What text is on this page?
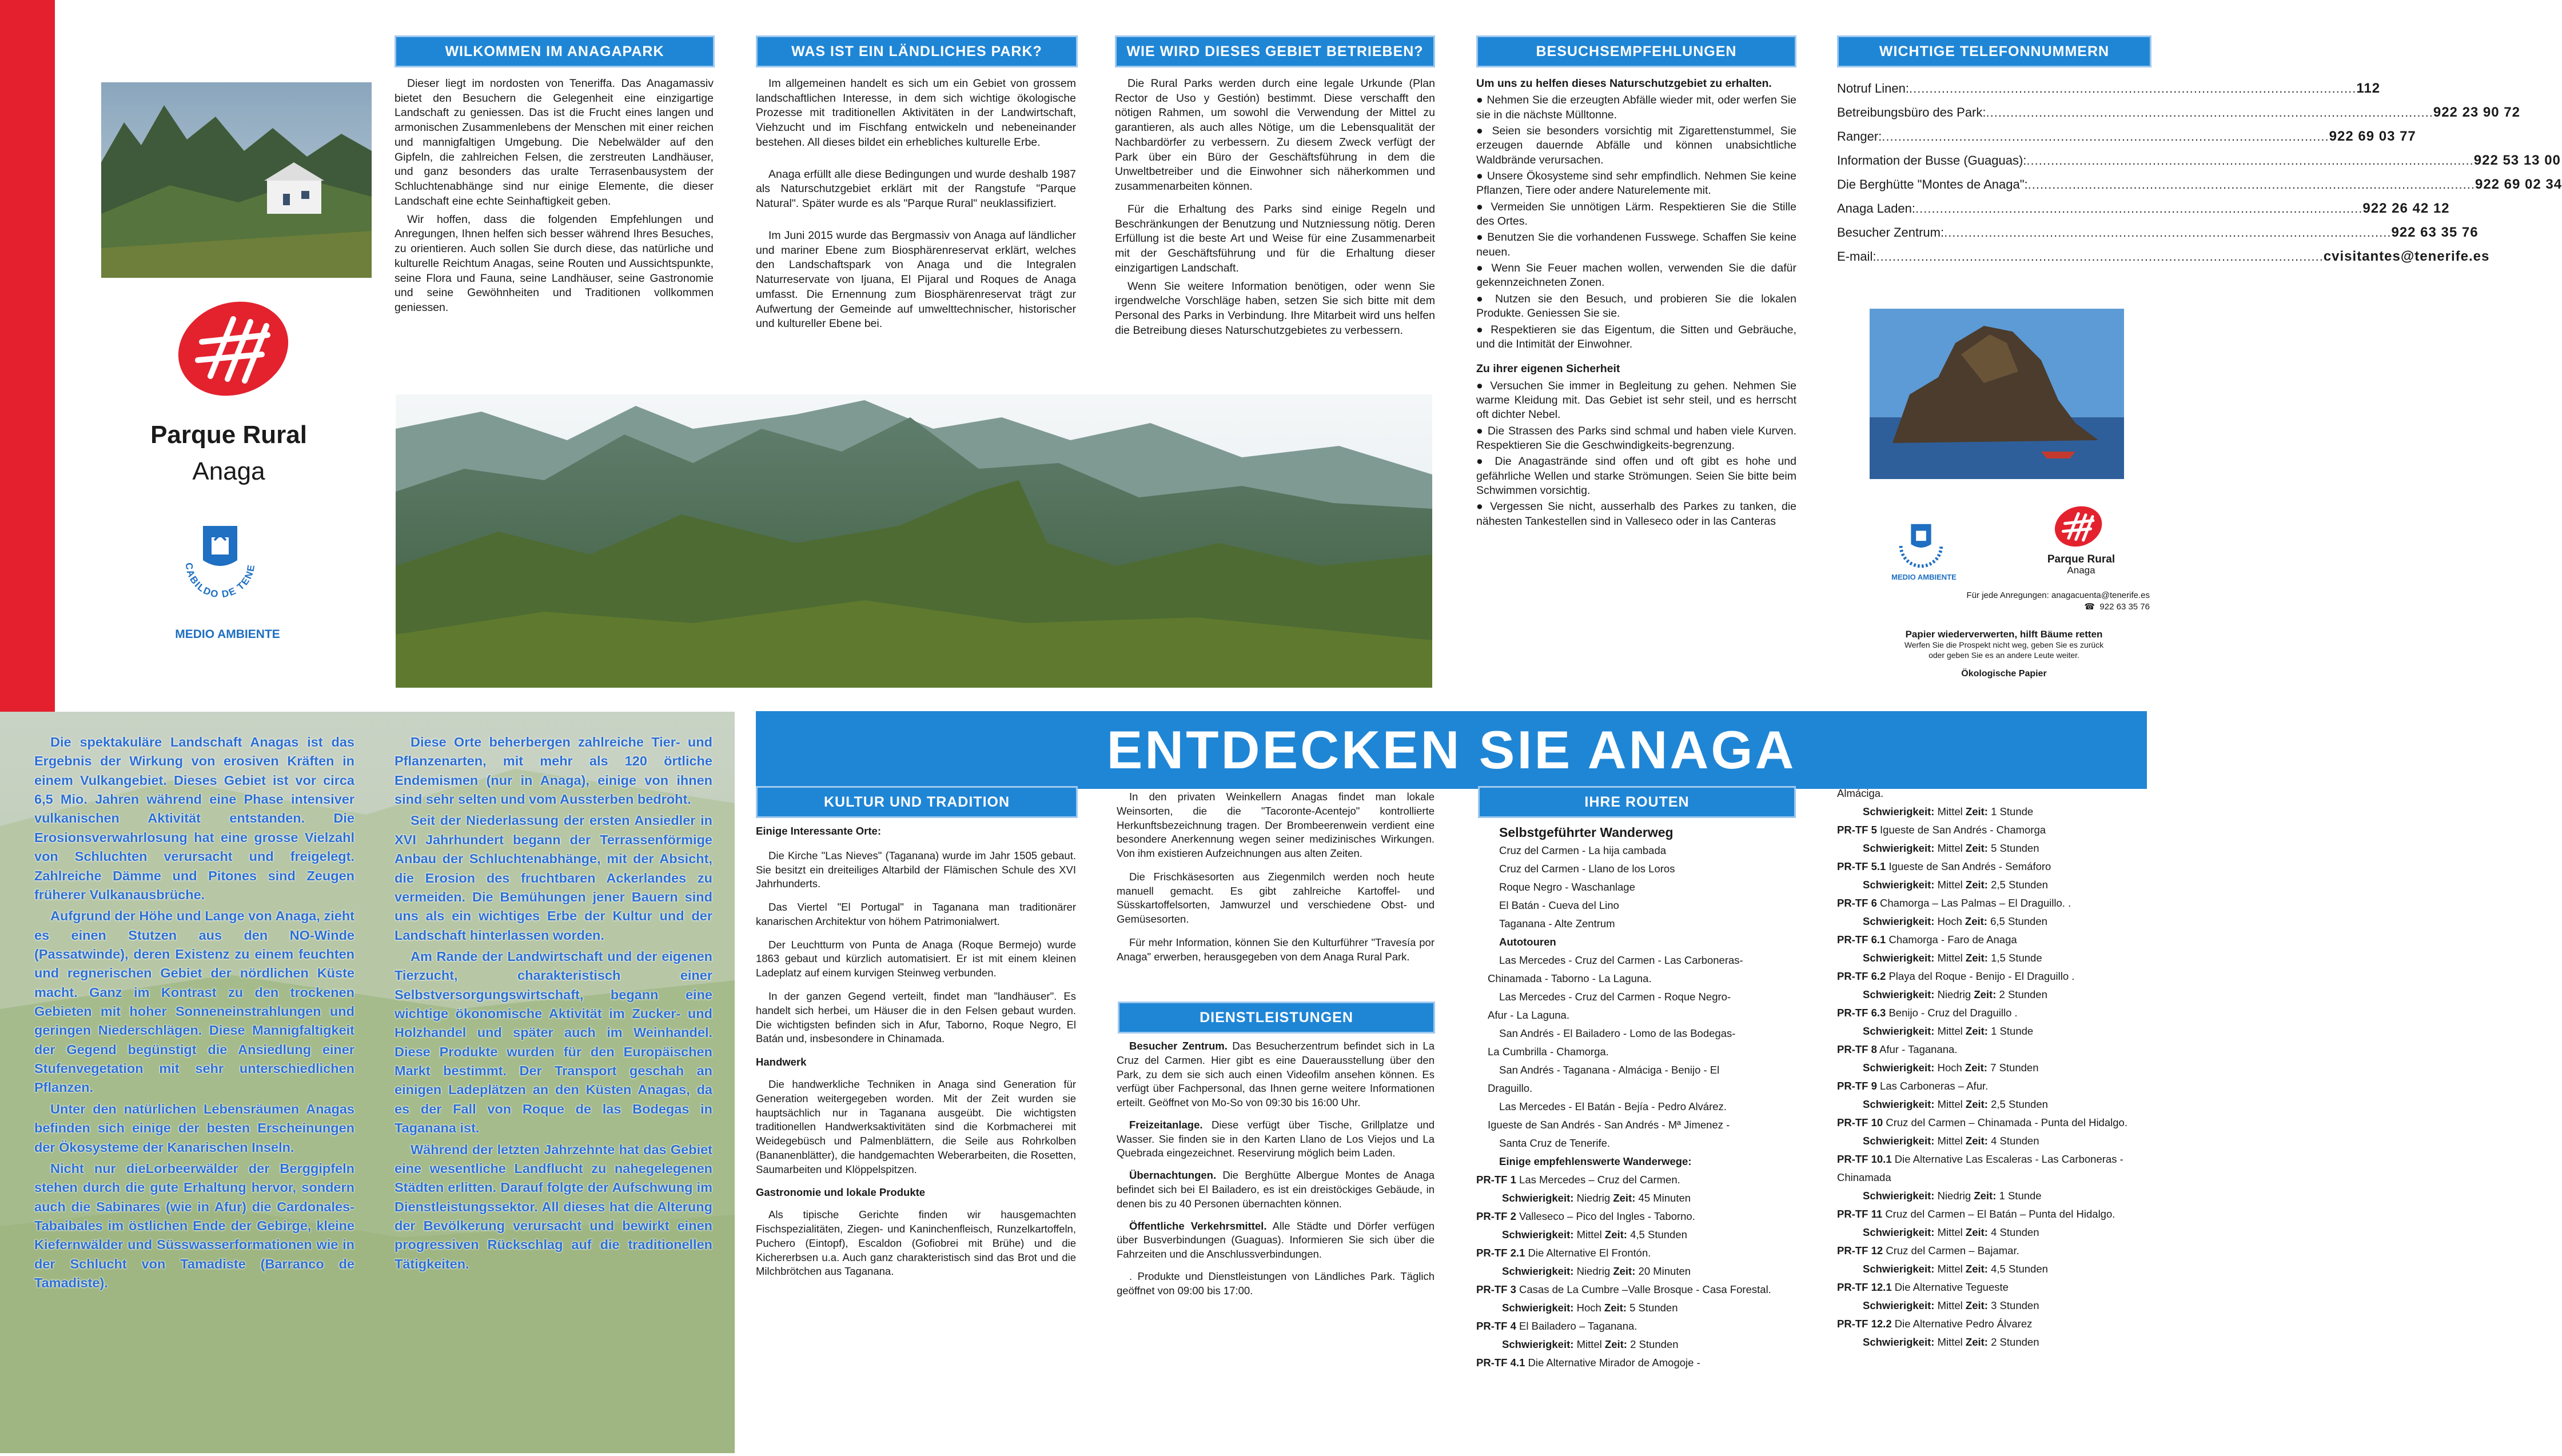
Parque Rural
Anaga
CABILDO DE TENE
MEDIO AMBIENTE
WILKOMMEN IM ANAGAPARK	WAS IST EIN LÄNDLICHES PARK?	WIE WIRD DIESES GEBIET BETRIEBEN?	BESUCHSEMPFEHLUNGEN	WICHTIGE TELEFONNUMMERN

Dieser liegt im nordosten von Teneriffa. Das Anagamassiv bietet den Besuchern die Gelegenheit eine einzigartige Landschaft zu geniessen. Das ist die Frucht eines langen und armonischen Zusammenlebens der Menschen mit einer reichen und mannigfaltigen Umgebung. Die Nebelwälder auf den Gipfeln, die zahlreichen Felsen, die zerstreuten Landhäuser, und ganz besonders das uralte Terrasenbausystem der Schluchtenabhänge sind nur einige Elemente, die dieser Landschaft eine echte Seinhaftigkeit geben.

Wir hoffen, dass die folgenden Empfehlungen und Anregungen, Ihnen helfen sich besser während Ihres Besuches, zu orientieren. Auch sollen Sie durch diese, das natürliche und kulturelle Reichtum Anagas, seine Routen und Aussichtspunkte, seine Flora und Fauna, seine Landhäuser, seine Gastronomie und seine Gewöhnheiten und Traditionen vollkommen geniessen.

Im allgemeinen handelt es sich um ein Gebiet von grossem landschaftlichen Interesse, in dem sich wichtige ökologische Prozesse mit traditionellen Aktivitäten in der Landwirtschaft, Viehzucht und im Fischfang entwickeln und nebeneinander bestehen. All dieses bildet ein erhebliches kulturelle Erbe.

Anaga erfüllt alle diese Bedingungen und wurde deshalb 1987 als Naturschutzgebiet erklärt mit der Rangstufe "Parque Natural". Später wurde es als "Parque Rural" neuklassifiziert.

Im Juni 2015 wurde das Bergmassiv von Anaga auf ländlicher und mariner Ebene zum Biosphärenreservat erklärt, welches den Landschaftspark von Anaga und die Integralen Naturreservate von Ijuana, El Pijaral und Roques de Anaga umfasst. Die Ernennung zum Biosphärenreservat trägt zur Aufwertung der Gemeinde auf umwelttechnischer, historischer und kultureller Ebene bei.

Die Rural Parks werden durch eine legale Urkunde (Plan Rector de Uso y Gestión) bestimmt. Diese verschafft den nötigen Rahmen, um sowohl die Verwendung der Mittel zu garantieren, als auch alles Nötige, um die Lebensqualität der Nachbardörfer zu verbessern. Zu diesem Zweck verfügt der Park über ein Büro der Geschäftsführung in dem die Unweltbetreiber und die Einwohner sich näherkommen und zusammenarbeiten können.

Für die Erhaltung des Parks sind einige Regeln und Beschränkungen der Benutzung und Nutzniessung nötig. Deren Erfüllung ist die beste Art und Weise für eine Zusammenarbeit mit der Geschäftsführung und für die Erhaltung dieser einzigartigen Landschaft.

Wenn Sie weitere Information benötigen, oder wenn Sie irgendwelche Vorschläge haben, setzen Sie sich bitte mit dem Personal des Parks in Verbindung. Ihre Mitarbeit wird uns helfen die Betreibung dieses Naturschutzgebietes zu verbessern.

Um uns zu helfen dieses Naturschutzgebiet zu erhalten.
● Nehmen Sie die erzeugten Abfälle wieder mit, oder werfen Sie sie in die nächste Mülltonne.
● Seien sie besonders vorsichtig mit Zigarettenstummel, Sie erzeugen dauernde Abfälle und können unabsichtliche Waldbrände verursachen.
● Unsere Ökosysteme sind sehr empfindlich. Nehmen Sie keine Pflanzen, Tiere oder andere Naturelemente mit.
● Vermeiden Sie unnötigen Lärm. Respektieren Sie die Stille des Ortes.
● Benutzen Sie die vorhandenen Fusswege. Schaffen Sie keine neuen.
● Wenn Sie Feuer machen wollen, verwenden Sie die dafür gekennzeichneten Zonen.
● Nutzen sie den Besuch, und probieren Sie die lokalen Produkte. Geniessen Sie sie.
● Respektieren sie das Eigentum, die Sitten und Gebräuche, und die Intimität der Einwohner.
Zu ihrer eigenen Sicherheit
● Versuchen Sie immer in Begleitung zu gehen. Nehmen Sie warme Kleidung mit. Das Gebiet ist sehr steil, und es herrscht oft dichter Nebel.
● Die Strassen des Parks sind schmal und haben viele Kurven. Respektieren Sie die Geschwindigkeits-begrenzung.
● Die Anagastrände sind offen und oft gibt es hohe und gefährliche Wellen und starke Strömungen. Seien Sie bitte beim Schwimmen vorsichtig.
● Vergessen Sie nicht, ausserhalb des Parkes zu tanken, die nähesten Tankestellen sind in Valleseco oder in las Canteras
Notruf Linen: .............................................................................................................. 112
Betreibungsbüro des Park: .............................................................................................................. 922 23 90 72
Ranger: .............................................................................................................. 922 69 03 77
Information der Busse (Guaguas): .............................................................................................................. 922 53 13 00
Die Berghütte "Montes de Anaga": .............................................................................................................. 922 69 02 34
Anaga Laden: .............................................................................................................. 922 26 42 12
Besucher Zentrum: .............................................................................................................. 922 63 35 76
E-mail: .............................................................................................................. cvisitantes@tenerife.es
MEDIO AMBIENTE
Parque Rural
Anaga
Für jede Anregungen: anagacuenta@tenerife.es
☎ 922 63 35 76
Papier wiederverwerten, hilft Bäume retten
Werfen Sie die Prospekt nicht weg, geben Sie es zurück
oder geben Sie es an andere Leute weiter.
Ökologische Papier

Die spektakuläre Landschaft Anagas ist das Ergebnis der Wirkung von erosiven Kräften in einem Vulkangebiet. Dieses Gebiet ist vor circa 6,5 Mio. Jahren während eine Phase intensiver vulkanischen Aktivität entstanden. Die Erosionsverwahrlosung hat eine grosse Vielzahl von Schluchten verursacht und freigelegt. Zahlreiche Dämme und Pitones sind Zeugen früherer Vulkanausbrüche.

Aufgrund der Höhe und Lange von Anaga, zieht es einen Stutzen aus den NO-Winde (Passatwinde), deren Existenz zu einem feuchten und regnerischen Gebiet der nördlichen Küste macht. Ganz im Kontrast zu den trockenen Gebieten mit hoher Sonneneinstrahlungen und geringen Niederschlägen. Diese Mannigfaltigkeit der Gegend begünstigt die Ansiedlung einer Stufenvegetation mit sehr unterschiedlichen Pflanzen.

Unter den natürlichen Lebensräumen Anagas befinden sich einige der besten Erscheinungen der Ökosysteme der Kanarischen Inseln.

Nicht nur dieLorbeerwälder der Berggipfeln stehen durch die gute Erhaltung hervor, sondern auch die Sabinares (wie in Afur) die Cardonales-Tabaibales im östlichen Ende der Gebirge, kleine Kiefernwälder und Süsswasserformationen wie in der Schlucht von Tamadiste (Barranco de Tamadiste).

Diese Orte beherbergen zahlreiche Tier- und Pflanzenarten, mit mehr als 120 örtliche Endemismen (nur in Anaga), einige von ihnen sind sehr selten und vom Aussterben bedroht.

Seit der Niederlassung der ersten Ansiedler in XVI Jahrhundert begann der Terrassenförmige Anbau der Schluchtenabhänge, mit der Absicht, die Erosion des fruchtbaren Ackerlandes zu vermeiden. Die Bemühungen jener Bauern sind uns als ein wichtiges Erbe der Kultur und der Landschaft hinterlassen worden.

Am Rande der Landwirtschaft und der eigenen Tierzucht, charakteristisch einer Selbstversorgungswirtschaft, begann eine wichtige ökonomische Aktivität im Zucker- und Holzhandel und später auch im Weinhandel. Diese Produkte wurden für den Europäischen Markt bestimmt. Der Transport geschah an einigen Ladeplätzen an den Küsten Anagas, da es der Fall von Roque de las Bodegas in Taganana ist.

Während der letzten Jahrzehnte hat das Gebiet eine wesentliche Landflucht zu nahegelegenen Städten erlitten. Darauf folgte der Aufschwung im Dienstleistungssektor. All dieses hat die Alterung der Bevölkerung verursacht und bewirkt einen progressiven Rückschlag auf die traditionellen Tätigkeiten.

ENTDECKEN SIE ANAGA
KULTUR UND TRADITION
Einige Interessante Orte:

Die Kirche "Las Nieves" (Taganana) wurde im Jahr 1505 gebaut. Sie besitzt ein dreiteiliges Altarbild der Flämischen Schule des XVI Jahrhunderts.

Das Viertel "El Portugal" in Taganana man traditionärer kanarischen Architektur von höhem Patrimonialwert.

Der Leuchtturm von Punta de Anaga (Roque Bermejo) wurde 1863 gebaut und kürzlich automatisiert. Er ist mit einem kleinen Ladeplatz auf einem kurvigen Steinweg verbunden.

In der ganzen Gegend verteilt, findet man "landhäuser". Es handelt sich herbei, um Häuser die in den Felsen gebaut wurden. Die wichtigsten befinden sich in Afur, Taborno, Roque Negro, El Batán und, insbesondere in Chinamada.

Handwerk

Die handwerkliche Techniken in Anaga sind Generation für Generation weitergegeben worden. Mit der Zeit wurden sie hauptsächlich nur in Taganana ausgeübt. Die wichtigsten traditionellen Handwerksaktivitäten sind die Korbmacherei mit Weidegebüsch und Palmenblättern, die Seile aus Rohrkolben (Bananenblätter), die handgemachten Weberarbeiten, die Rosetten, Saumarbeiten und Klöppelspitzen.

Gastronomie und lokale Produkte

Als tipische Gerichte finden wir hausgemachten Fischspezialitäten, Ziegen- und Kaninchenfleisch, Runzelkartoffeln, Puchero (Eintopf), Escaldon (Gofiobrei mit Brühe) und die Kichererbsen u.a. Auch ganz charakteristisch sind das Brot und die Milchbrötchen aus Taganana.

In den privaten Weinkellern Anagas findet man lokale Weinsorten, die die "Tacoronte-Acentejo" kontrollierte Herkunftsbezeichnung tragen. Der Brombeerenwein verdient eine besondere Anerkennung wegen seiner medizinisches Wirkungen. Von ihm existieren Aufzeichnungen aus alten Zeiten.

Die Frischkäsesorten aus Ziegenmilch werden noch heute manuell gemacht. Es gibt zahlreiche Kartoffel- und Süsskartoffelsorten, Jamwurzel und verschiedene Obst- und Gemüsesorten.

Für mehr Information, können Sie den Kulturführer "Travesía por Anaga" erwerben, herausgegeben von dem Anaga Rural Park.

DIENSTLEISTUNGEN

Besucher Zentrum. Das Besucherzentrum befindet sich in La Cruz del Carmen. Hier gibt es eine Dauerausstellung über den Park, zu dem sie sich auch einen Videofilm ansehen können. Es verfügt über Fachpersonal, das Ihnen gerne weitere Informationen erteilt. Geöffnet von Mo-So von 09:30 bis 16:00 Uhr.

Freizeitanlage. Diese verfügt über Tische, Grillplatze und Wasser. Sie finden sie in den Karten Llano de Los Viejos und La Quebrada eingezeichnet. Reservirung möglich beim Laden.

Übernachtungen. Die Berghütte Albergue Montes de Anaga befindet sich bei El Bailadero, es ist ein dreistöckiges Gebäude, in denen bis zu 40 Personen übernachten können.

Öffentliche Verkehrsmittel. Alle Städte und Dörfer verfügen über Busverbindungen (Guaguas). Informieren Sie sich über die Fahrzeiten und die Anschlussverbindungen.

. Produkte und Dienstleistungen von Ländliches Park. Täglich geöffnet von 09:00 bis 17:00.

IHRE ROUTEN
Selbstgeführter Wanderweg
Cruz del Carmen - La hija cambada
Cruz del Carmen - Llano de los Loros
Roque Negro - Waschanlage
El Batán - Cueva del Lino
Taganana - Alte Zentrum
Autotouren
Las Mercedes - Cruz del Carmen - Las Carboneras-
Chinamada - Taborno - La Laguna.
Las Mercedes - Cruz del Carmen - Roque Negro-
Afur - La Laguna.
San Andrés - El Bailadero - Lomo de las Bodegas-
La Cumbrilla - Chamorga.
San Andrés - Taganana - Almáciga - Benijo - El
Draguillo.
Las Mercedes - El Batán - Bejía - Pedro Alvárez.
Igueste de San Andrés - San Andrés - Mª Jimenez -
Santa Cruz de Tenerife.
Einige empfehlenswerte Wanderwege:
PR-TF 1 Las Mercedes – Cruz del Carmen.
Schwierigkeit: Niedrig Zeit: 45 Minuten
PR-TF 2 Valleseco – Pico del Ingles - Taborno.
Schwierigkeit: Mittel Zeit: 4,5 Stunden
PR-TF 2.1 Die Alternative El Frontón.
Schwierigkeit: Niedrig Zeit: 20 Minuten
PR-TF 3 Casas de La Cumbre –Valle Brosque - Casa Forestal.
Schwierigkeit: Hoch Zeit: 5 Stunden
PR-TF 4 El Bailadero – Taganana.
Schwierigkeit: Mittel Zeit: 2 Stunden
PR-TF 4.1 Die Alternative Mirador de Amogoje -
Almáciga.
Schwierigkeit: Mittel Zeit: 1 Stunde
PR-TF 5 Igueste de San Andrés - Chamorga
Schwierigkeit: Mittel Zeit: 5 Stunden
PR-TF 5.1 Igueste de San Andrés - Semáforo
Schwierigkeit: Mittel Zeit: 2,5 Stunden
PR-TF 6 Chamorga – Las Palmas – El Draguillo. .
Schwierigkeit: Hoch Zeit: 6,5 Stunden
PR-TF 6.1 Chamorga - Faro de Anaga
Schwierigkeit: Mittel Zeit: 1,5 Stunde
PR-TF 6.2 Playa del Roque - Benijo - El Draguillo .
Schwierigkeit: Niedrig Zeit: 2 Stunden
PR-TF 6.3 Benijo - Cruz del Draguillo .
Schwierigkeit: Mittel Zeit: 1 Stunde
PR-TF 8 Afur - Taganana.
Schwierigkeit: Hoch Zeit: 7 Stunden
PR-TF 9 Las Carboneras – Afur.
Schwierigkeit: Mittel Zeit: 2,5 Stunden
PR-TF 10 Cruz del Carmen – Chinamada - Punta del Hidalgo.
Schwierigkeit: Mittel Zeit: 4 Stunden
PR-TF 10.1 Die Alternative Las Escaleras - Las Carboneras - Chinamada
Schwierigkeit: Niedrig Zeit: 1 Stunde
PR-TF 11 Cruz del Carmen – El Batán – Punta del Hidalgo.
Schwierigkeit: Mittel Zeit: 4 Stunden
PR-TF 12 Cruz del Carmen – Bajamar.
Schwierigkeit: Mittel Zeit: 4,5 Stunden
PR-TF 12.1 Die Alternative Tegueste
Schwierigkeit: Mittel Zeit: 3 Stunden
PR-TF 12.2 Die Alternative Pedro Álvarez
Schwierigkeit: Mittel Zeit: 2 Stunden
